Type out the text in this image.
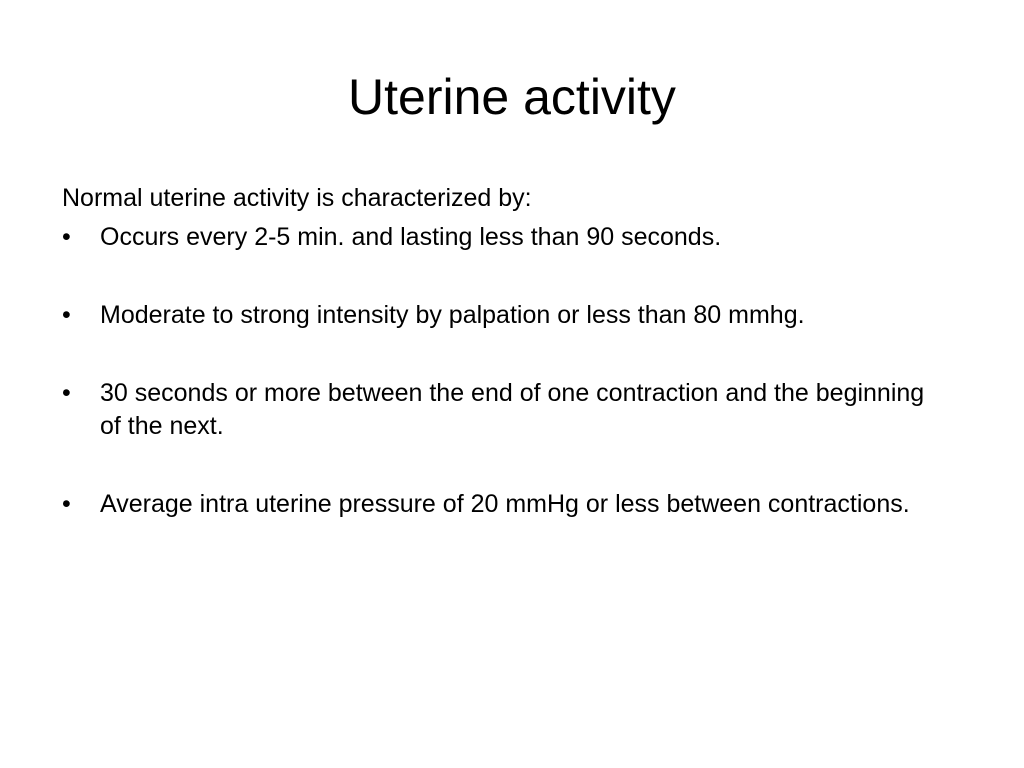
Uterine activity

Normal uterine activity is characterized by:

•	Occurs every 2-5 min. and lasting less than 90 seconds.
•	Moderate to strong intensity by palpation or less than 80 mmhg.
•	30 seconds or more between the end of one contraction and the beginning of the next.
•	Average intra uterine pressure of 20 mmHg or less between contractions.
